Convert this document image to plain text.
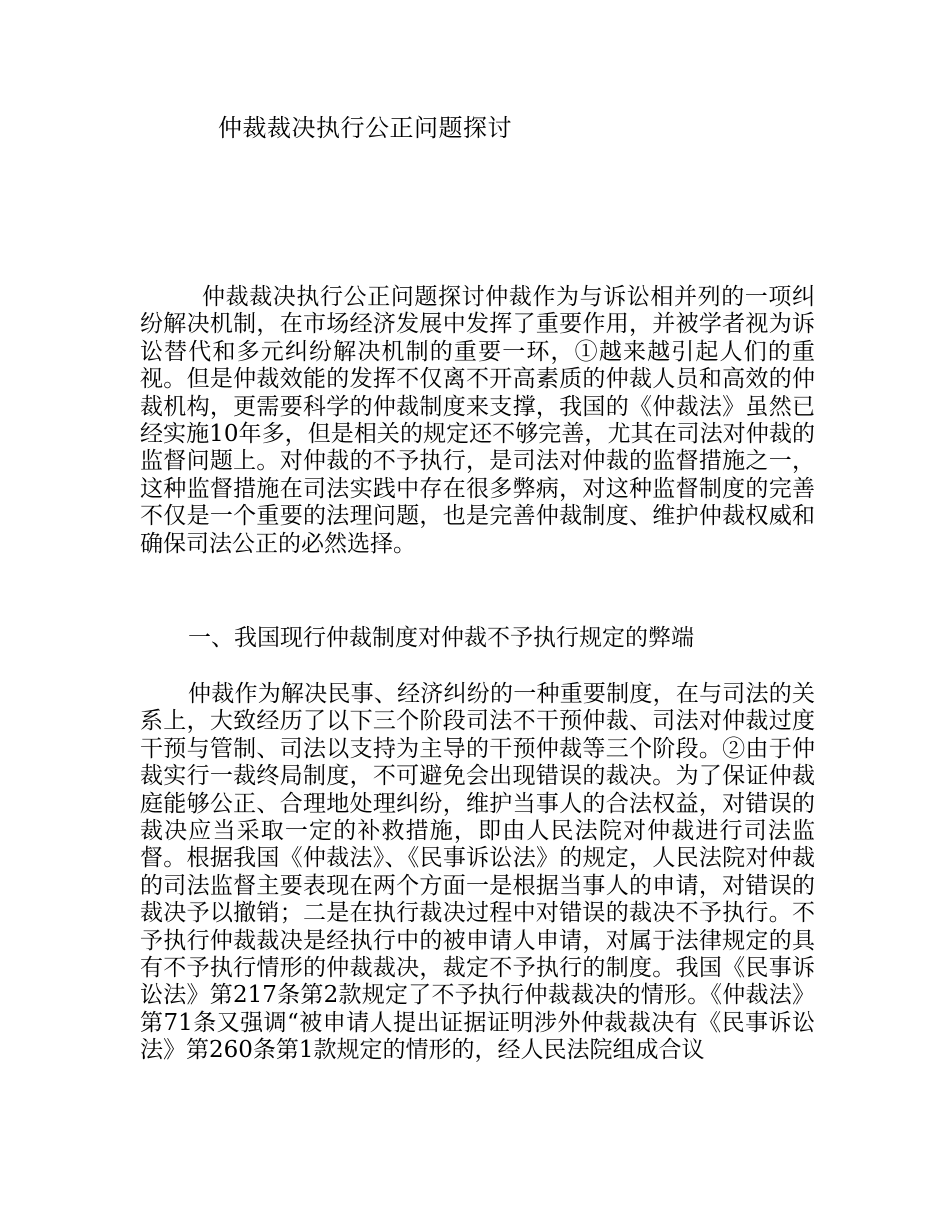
仲裁裁决执行公正问题探讨

仲裁裁决执行公正问题探讨仲裁作为与诉讼相并列的一项纠纷解决机制，在市场经济发展中发挥了重要作用，并被学者视为诉讼替代和多元纠纷解决机制的重要一环，①越来越引起人们的重视。但是仲裁效能的发挥不仅离不开高素质的仲裁人员和高效的仲裁机构，更需要科学的仲裁制度来支撑，我国的《仲裁法》虽然已经实施10年多，但是相关的规定还不够完善，尤其在司法对仲裁的监督问题上。对仲裁的不予执行，是司法对仲裁的监督措施之一，这种监督措施在司法实践中存在很多弊病，对这种监督制度的完善不仅是一个重要的法理问题，也是完善仲裁制度、维护仲裁权威和确保司法公正的必然选择。

一、我国现行仲裁制度对仲裁不予执行规定的弊端

仲裁作为解决民事、经济纠纷的一种重要制度，在与司法的关系上，大致经历了以下三个阶段司法不干预仲裁、司法对仲裁过度干预与管制、司法以支持为主导的干预仲裁等三个阶段。②由于仲裁实行一裁终局制度，不可避免会出现错误的裁决。为了保证仲裁庭能够公正、合理地处理纠纷，维护当事人的合法权益，对错误的裁决应当采取一定的补救措施，即由人民法院对仲裁进行司法监督。根据我国《仲裁法》、《民事诉讼法》的规定，人民法院对仲裁的司法监督主要表现在两个方面一是根据当事人的申请，对错误的裁决予以撤销；二是在执行裁决过程中对错误的裁决不予执行。不予执行仲裁裁决是经执行中的被申请人申请，对属于法律规定的具有不予执行情形的仲裁裁决，裁定不予执行的制度。我国《民事诉讼法》第217条第2款规定了不予执行仲裁裁决的情形。《仲裁法》第71条又强调“被申请人提出证据证明涉外仲裁裁决有《民事诉讼法》第260条第1款规定的情形的，经人民法院组成合议
